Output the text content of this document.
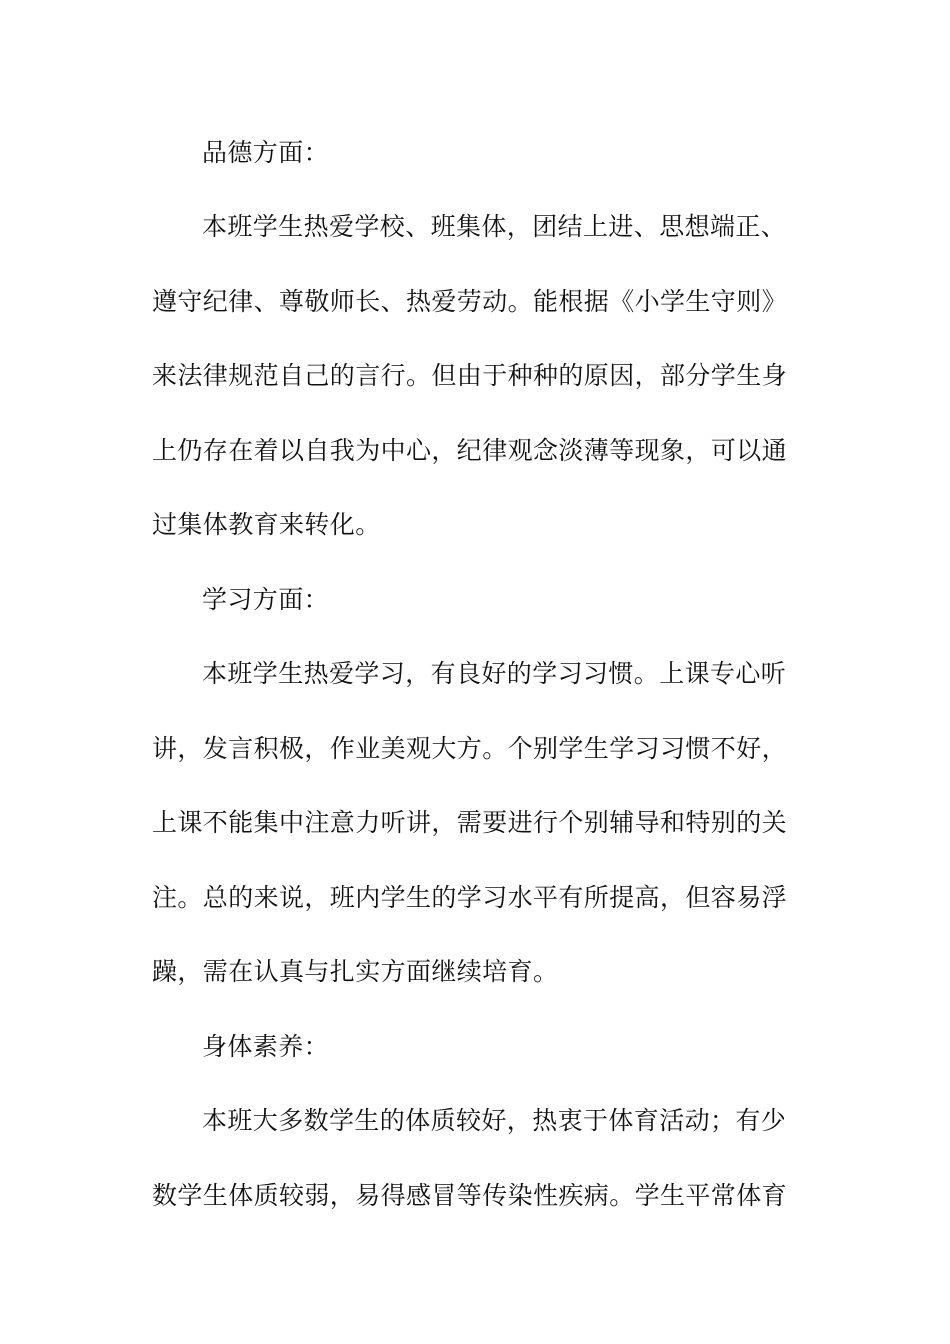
品德方面：
本班学生热爱学校、班集体，团结上进、思想端正、
遵守纪律、尊敬师长、热爱劳动。能根据《小学生守则》
来法律规范自己的言行。但由于种种的原因，部分学生身
上仍存在着以自我为中心，纪律观念淡薄等现象，可以通
过集体教育来转化。
学习方面：
本班学生热爱学习，有良好的学习习惯。上课专心听
讲，发言积极，作业美观大方。个别学生学习习惯不好，
上课不能集中注意力听讲，需要进行个别辅导和特别的关
注。总的来说，班内学生的学习水平有所提高，但容易浮
躁，需在认真与扎实方面继续培育。
身体素养：
本班大多数学生的体质较好，热衷于体育活动；有少
数学生体质较弱，易得感冒等传染性疾病。学生平常体育
